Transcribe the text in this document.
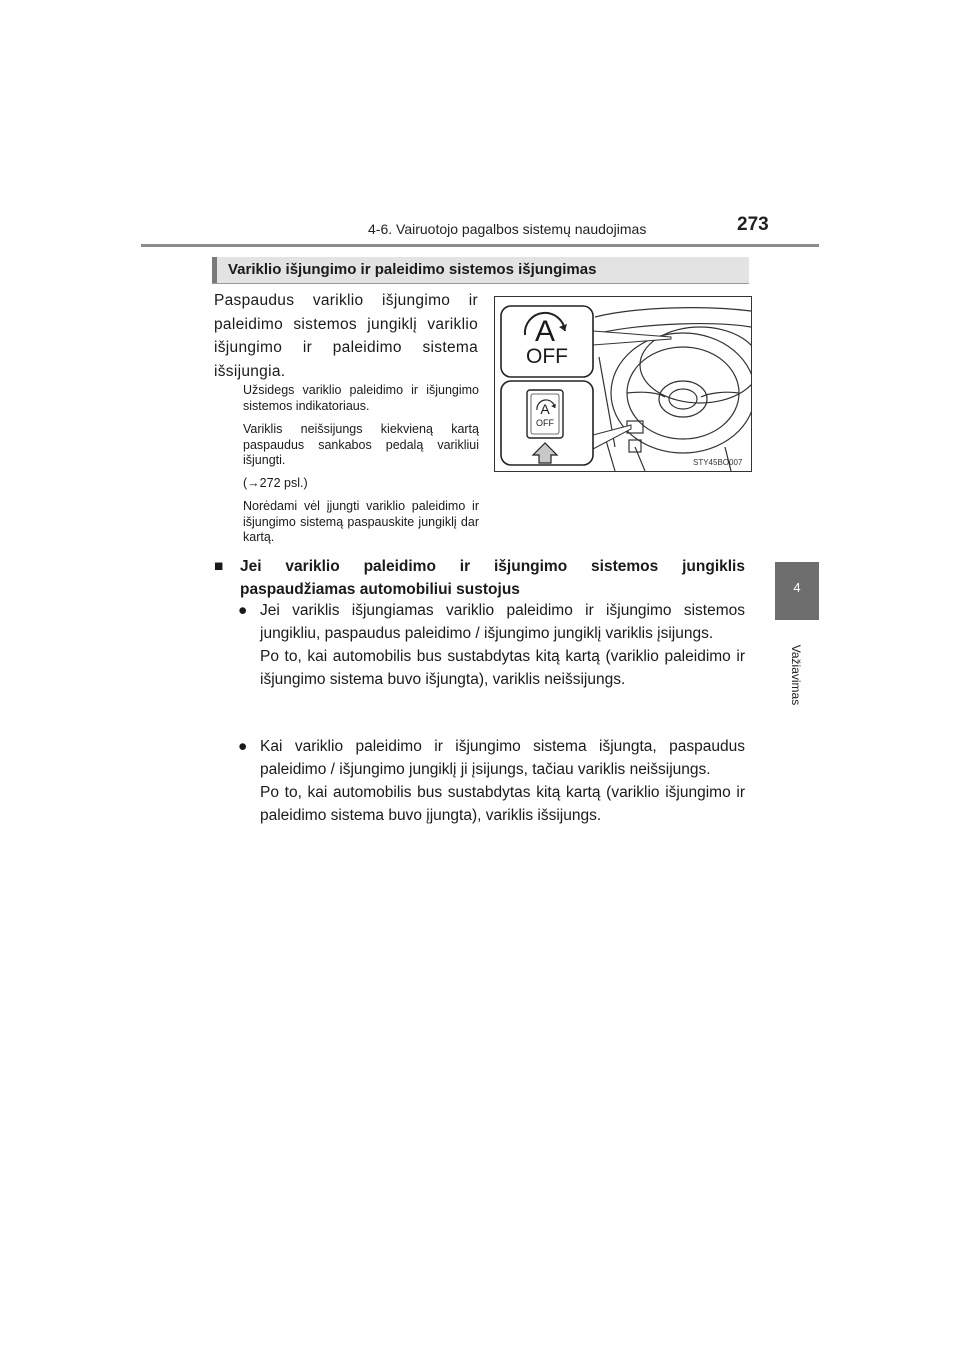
4-6. Vairuotojo pagalbos sistemų naudojimas	273
4
Važiavimas
Variklio išjungimo ir paleidimo sistemos išjungimas
Paspaudus variklio išjungimo ir paleidimo sistemos jungiklį variklio išjungimo ir paleidimo sistema išsijungia.
Užsidegs variklio paleidimo ir išjungimo sistemos indikatoriaus.
Variklis neišsijungs kiekvieną kartą paspaudus sankabos pedalą varikliui išjungti.
(→272 psl.)
Norėdami vėl įjungti variklio paleidimo ir išjungimo sistemą paspauskite jungiklį dar kartą.
A
OFF
A
OFF
STY45BO007
■ Jei variklio paleidimo ir išjungimo sistemos jungiklis paspaudžiamas automobiliui sustojus
● Jei variklis išjungiamas variklio paleidimo ir išjungimo sistemos jungikliu, paspaudus paleidimo / išjungimo jungiklį variklis įsijungs.
Po to, kai automobilis bus sustabdytas kitą kartą (variklio paleidimo ir išjungimo sistema buvo išjungta), variklis neišsijungs.
● Kai variklio paleidimo ir išjungimo sistema išjungta, paspaudus paleidimo / išjungimo jungiklį ji įsijungs, tačiau variklis neišsijungs.
Po to, kai automobilis bus sustabdytas kitą kartą (variklio išjungimo ir paleidimo sistema buvo įjungta), variklis išsijungs.
